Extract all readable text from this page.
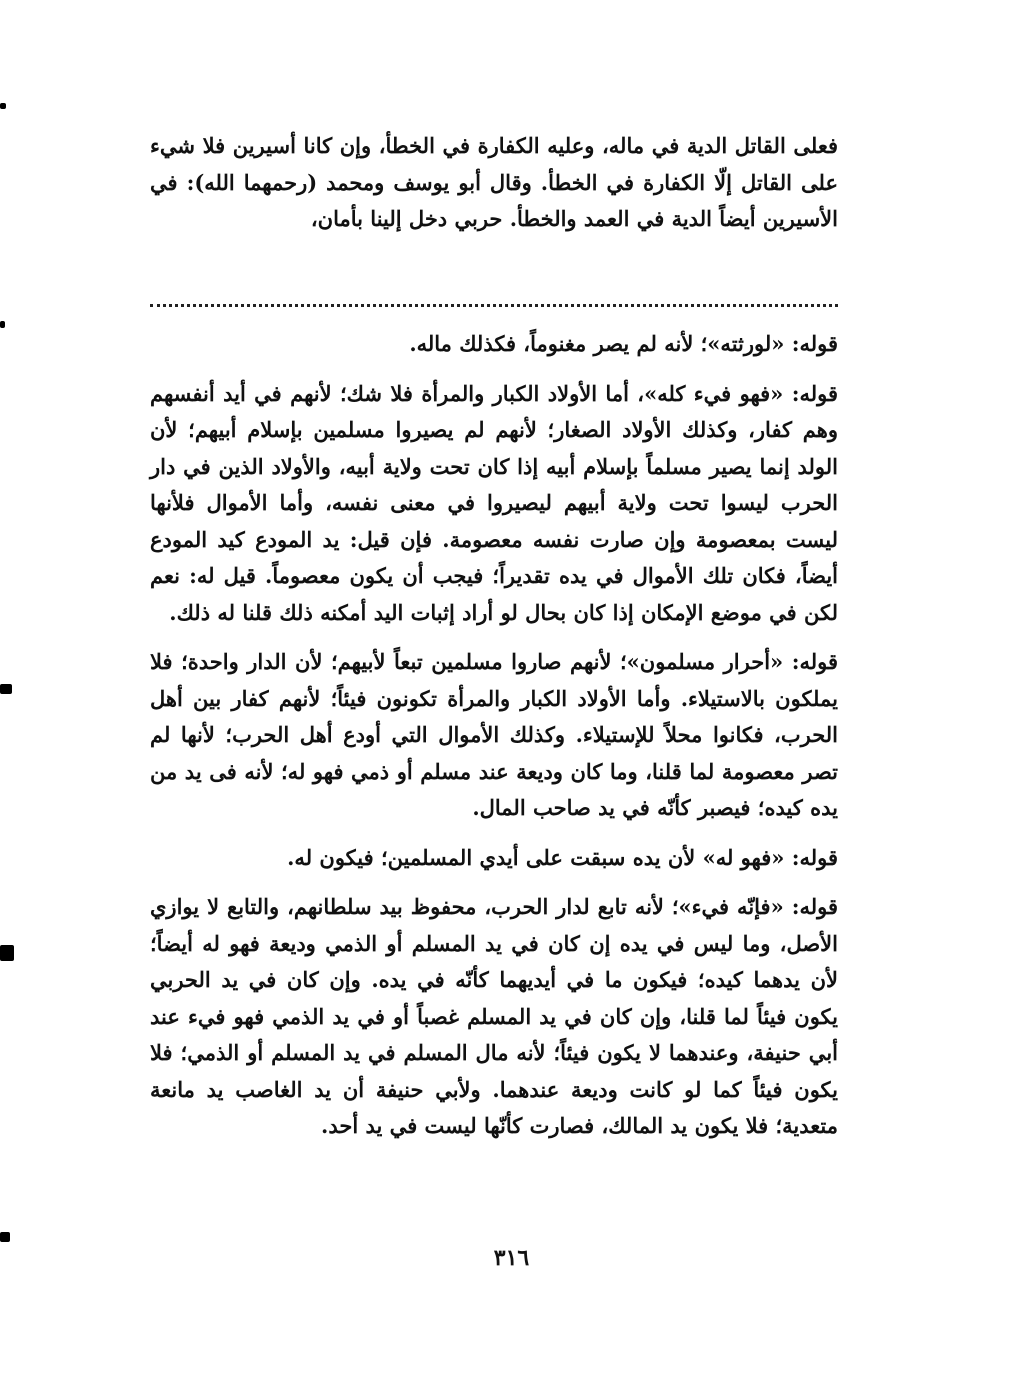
فعلى القاتل الدية في ماله، وعليه الكفارة في الخطأ، وإن كانا أسيرين فلا شيء على القاتل إلّا الكفارة في الخطأ. وقال أبو يوسف ومحمد (رحمهما الله): في الأسيرين أيضاً الدية في العمد والخطأ. حربي دخل إلينا بأمان،

قوله: «لورثته»؛ لأنه لم يصر مغنوماً، فكذلك ماله.

قوله: «فهو فيء كله»، أما الأولاد الكبار والمرأة فلا شك؛ لأنهم في أيد أنفسهم وهم كفار، وكذلك الأولاد الصغار؛ لأنهم لم يصيروا مسلمين بإسلام أبيهم؛ لأن الولد إنما يصير مسلماً بإسلام أبيه إذا كان تحت ولاية أبيه، والأولاد الذين في دار الحرب ليسوا تحت ولاية أبيهم ليصيروا في معنى نفسه، وأما الأموال فلأنها ليست بمعصومة وإن صارت نفسه معصومة. فإن قيل: يد المودع كيد المودع أيضاً، فكان تلك الأموال في يده تقديراً؛ فيجب أن يكون معصوماً. قيل له: نعم لكن في موضع الإمكان إذا كان بحال لو أراد إثبات اليد أمكنه ذلك قلنا له ذلك.

قوله: «أحرار مسلمون»؛ لأنهم صاروا مسلمين تبعاً لأبيهم؛ لأن الدار واحدة؛ فلا يملكون بالاستيلاء. وأما الأولاد الكبار والمرأة تكونون فيئاً؛ لأنهم كفار بين أهل الحرب، فكانوا محلاً للإستيلاء. وكذلك الأموال التي أودع أهل الحرب؛ لأنها لم تصر معصومة لما قلنا، وما كان وديعة عند مسلم أو ذمي فهو له؛ لأنه فى يد من يده كيده؛ فيصبر كأنّه في يد صاحب المال.

قوله: «فهو له» لأن يده سبقت على أيدي المسلمين؛ فيكون له.

قوله: «فإنّه فيء»؛ لأنه تابع لدار الحرب، محفوظ بيد سلطانهم، والتابع لا يوازي الأصل، وما ليس في يده إن كان في يد المسلم أو الذمي وديعة فهو له أيضاً؛ لأن يدهما كيده؛ فيكون ما في أيديهما كأنّه في يده. وإن كان في يد الحربي يكون فيئاً لما قلنا، وإن كان في يد المسلم غصباً أو في يد الذمي فهو فيء عند أبي حنيفة، وعندهما لا يكون فيئاً؛ لأنه مال المسلم في يد المسلم أو الذمي؛ فلا يكون فيئاً كما لو كانت وديعة عندهما. ولأبي حنيفة أن يد الغاصب يد مانعة متعدية؛ فلا يكون يد المالك، فصارت كأنّها ليست في يد أحد.

٣١٦
